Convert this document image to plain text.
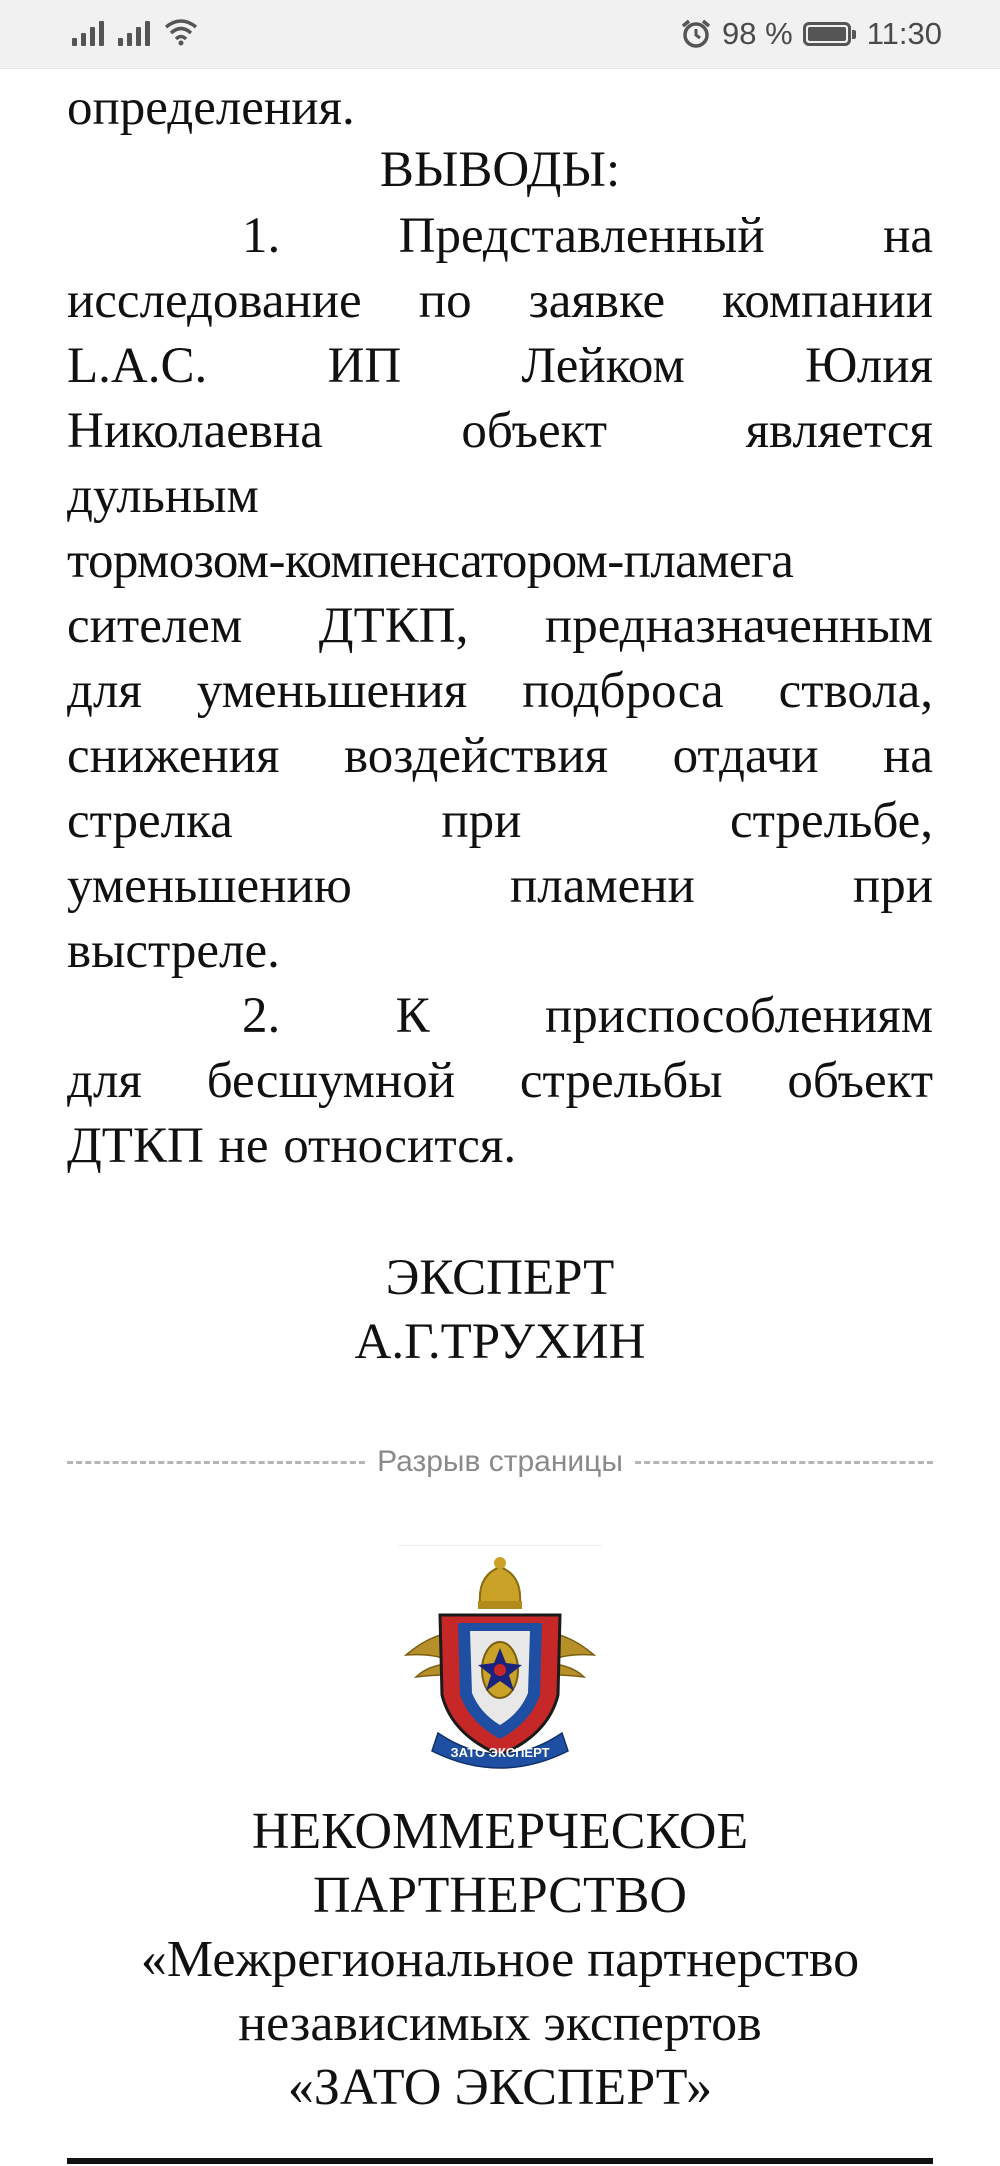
98 % 11:30

определения.

ВЫВОДЫ:
1. Представленный на
исследование по заявке компании
L.A.C. ИП Лейком Юлия
Николаевна объект является
дульным
тормозом-компенсатором-пламега
сителем ДТКП, предназначенным
для уменьшения подброса ствола,
снижения воздействия отдачи на
стрелка при стрельбе,
уменьшению пламени при
выстреле.
2. К приспособлениям
для бесшумной стрельбы объект
ДТКП не относится.
ЭКСПЕРТ
А.Г.ТРУХИН
Разрыв страницы
ЗАТО ЭКСПЕРТ
НЕКОММЕРЧЕСКОЕ
ПАРТНЕРСТВО
«Межрегиональное партнерство
независимых экспертов
«ЗАТО ЭКСПЕРТ»
